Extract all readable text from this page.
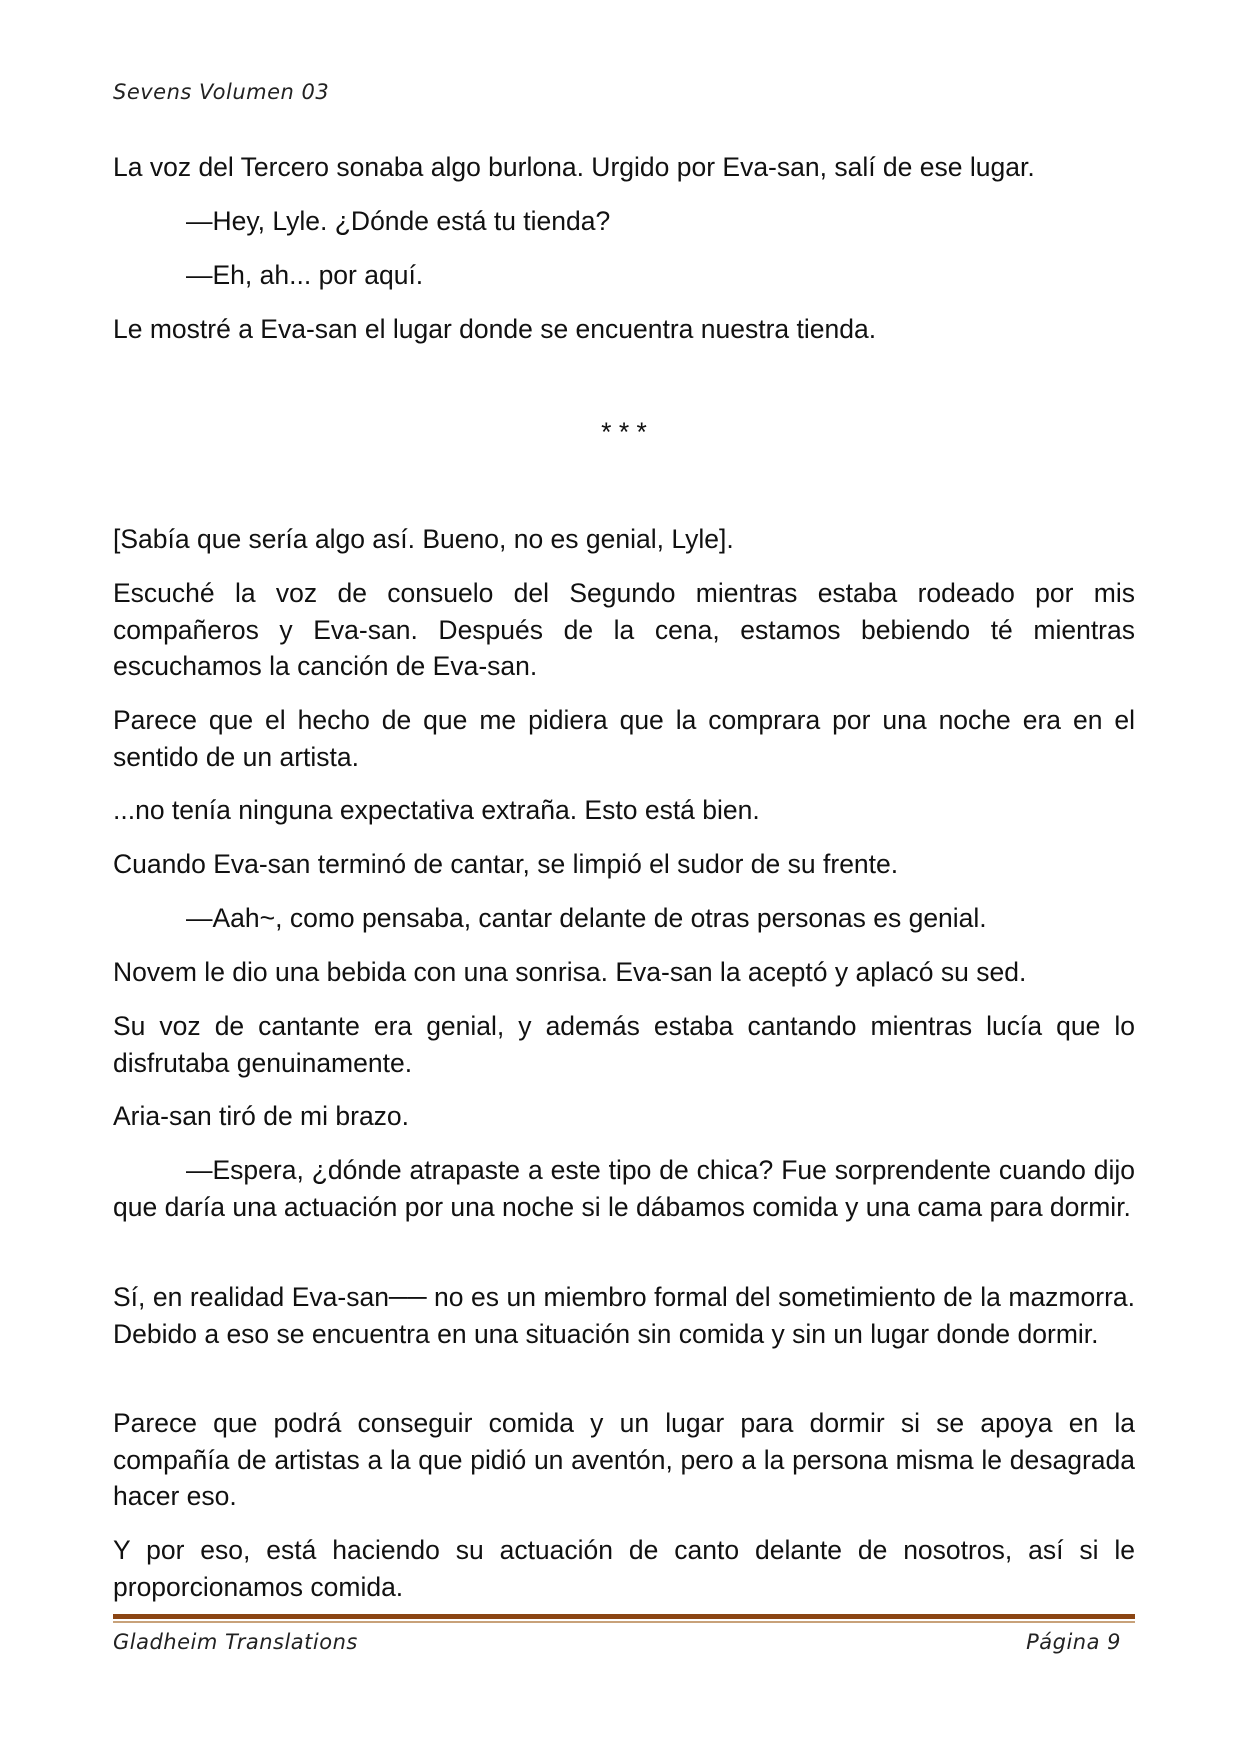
Sevens Volumen 03

La voz del Tercero sonaba algo burlona. Urgido por Eva-san, salí de ese lugar.

—Hey, Lyle. ¿Dónde está tu tienda?

—Eh, ah... por aquí.

Le mostré a Eva-san el lugar donde se encuentra nuestra tienda.

* * *

[Sabía que sería algo así. Bueno, no es genial, Lyle].

Escuché la voz de consuelo del Segundo mientras estaba rodeado por mis compañeros y Eva-san. Después de la cena, estamos bebiendo té mientras escuchamos la canción de Eva-san.

Parece que el hecho de que me pidiera que la comprara por una noche era en el sentido de un artista.

...no tenía ninguna expectativa extraña. Esto está bien.

Cuando Eva-san terminó de cantar, se limpió el sudor de su frente.

—Aah~, como pensaba, cantar delante de otras personas es genial.

Novem le dio una bebida con una sonrisa. Eva-san la aceptó y aplacó su sed.

Su voz de cantante era genial, y además estaba cantando mientras lucía que lo disfrutaba genuinamente.

Aria-san tiró de mi brazo.

—Espera, ¿dónde atrapaste a este tipo de chica? Fue sorprendente cuando dijo que daría una actuación por una noche si le dábamos comida y una cama para dormir.

Sí, en realidad Eva-san── no es un miembro formal del sometimiento de la mazmorra. Debido a eso se encuentra en una situación sin comida y sin un lugar donde dormir.

Parece que podrá conseguir comida y un lugar para dormir si se apoya en la compañía de artistas a la que pidió un aventón, pero a la persona misma le desagrada hacer eso.

Y por eso, está haciendo su actuación de canto delante de nosotros, así si le proporcionamos comida.

Gladheim Translations	Página 9
